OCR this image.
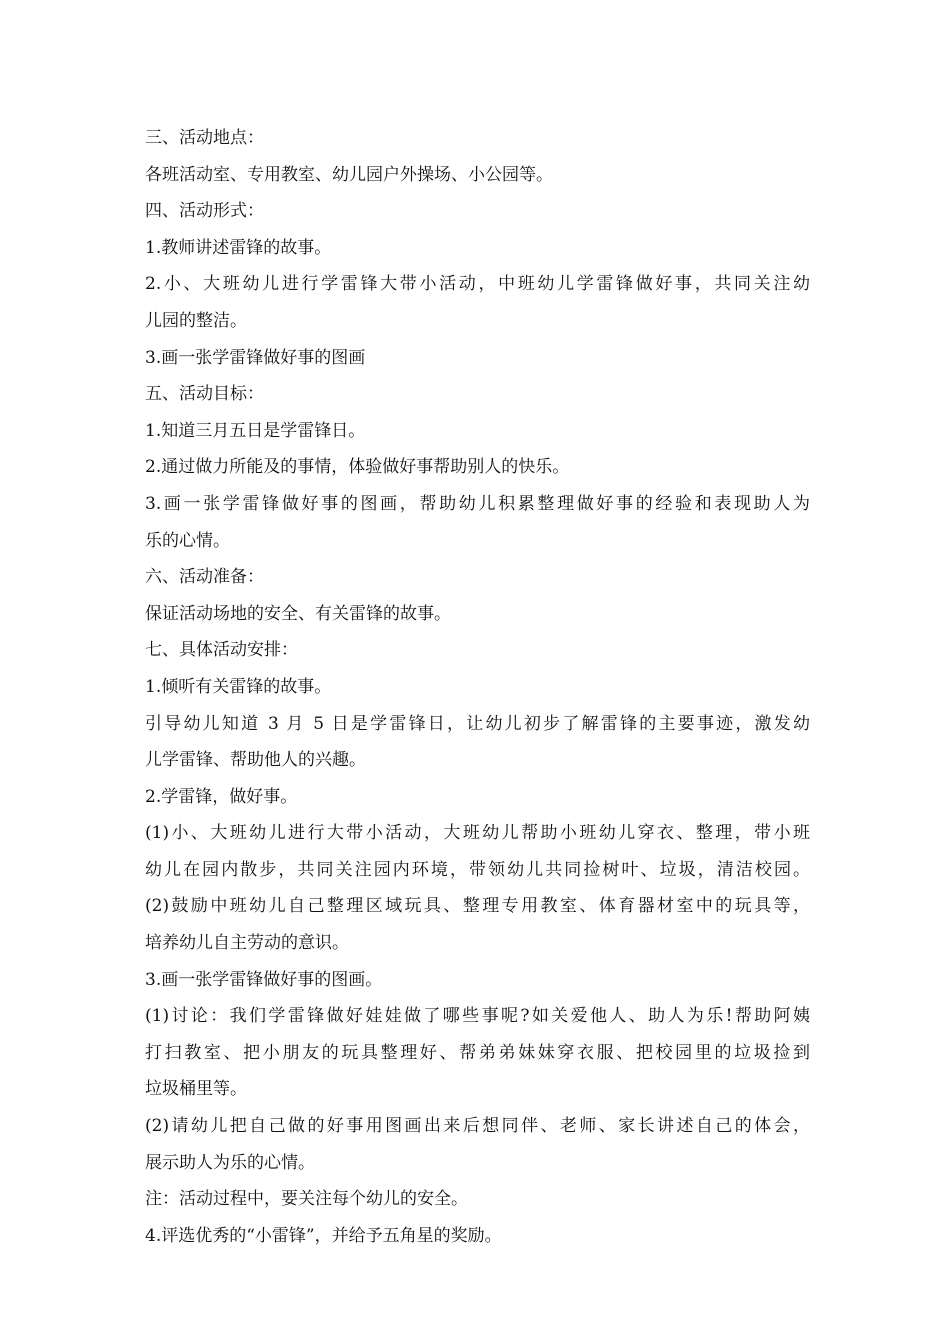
三、活动地点：
各班活动室、专用教室、幼儿园户外操场、小公园等。
四、活动形式：
1.教师讲述雷锋的故事。
2.小、大班幼儿进行学雷锋大带小活动，中班幼儿学雷锋做好事，共同关注幼
儿园的整洁。
3.画一张学雷锋做好事的图画
五、活动目标：
1.知道三月五日是学雷锋日。
2.通过做力所能及的事情，体验做好事帮助别人的快乐。
3.画一张学雷锋做好事的图画，帮助幼儿积累整理做好事的经验和表现助人为
乐的心情。
六、活动准备：
保证活动场地的安全、有关雷锋的故事。
七、具体活动安排：
1.倾听有关雷锋的故事。
引导幼儿知道 3 月 5 日是学雷锋日，让幼儿初步了解雷锋的主要事迹，激发幼
儿学雷锋、帮助他人的兴趣。
2.学雷锋，做好事。
(1)小、大班幼儿进行大带小活动，大班幼儿帮助小班幼儿穿衣、整理，带小班
幼儿在园内散步，共同关注园内环境，带领幼儿共同捡树叶、垃圾，清洁校园。
(2)鼓励中班幼儿自己整理区域玩具、整理专用教室、体育器材室中的玩具等，
培养幼儿自主劳动的意识。
3.画一张学雷锋做好事的图画。
(1)讨论：我们学雷锋做好娃娃做了哪些事呢?如关爱他人、助人为乐!帮助阿姨
打扫教室、把小朋友的玩具整理好、帮弟弟妹妹穿衣服、把校园里的垃圾捡到
垃圾桶里等。
(2)请幼儿把自己做的好事用图画出来后想同伴、老师、家长讲述自己的体会，
展示助人为乐的心情。
注：活动过程中，要关注每个幼儿的安全。
4.评选优秀的“小雷锋”，并给予五角星的奖励。
